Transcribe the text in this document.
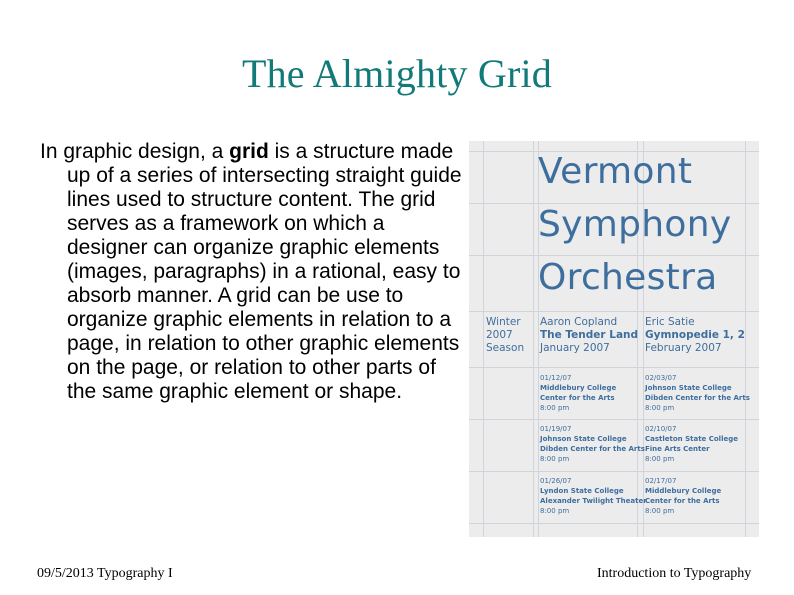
The Almighty Grid
In graphic design, a grid is a structure made up of a series of intersecting straight guide lines used to structure content. The grid serves as a framework on which a designer can organize graphic elements (images, paragraphs) in a rational, easy to absorb manner. A grid can be use to organize graphic elements in relation to a page, in relation to other graphic elements on the page, or relation to other parts of the same graphic element or shape.
Vermont
Symphony
Orchestra
Winter
2007
Season
Aaron Copland
The Tender Land
January 2007
Eric Satie
Gymnopedie 1, 2
February 2007
01/12/07
Middlebury College
Center for the Arts
8:00 pm
01/19/07
Johnson State College
Dibden Center for the Arts
8:00 pm
01/26/07
Lyndon State College
Alexander Twilight Theater
8:00 pm
02/03/07
Johnson State College
Dibden Center for the Arts
8:00 pm
02/10/07
Castleton State College
Fine Arts Center
8:00 pm
02/17/07
Middlebury College
Center for the Arts
8:00 pm
09/5/2013 Typography I	Introduction to Typography
